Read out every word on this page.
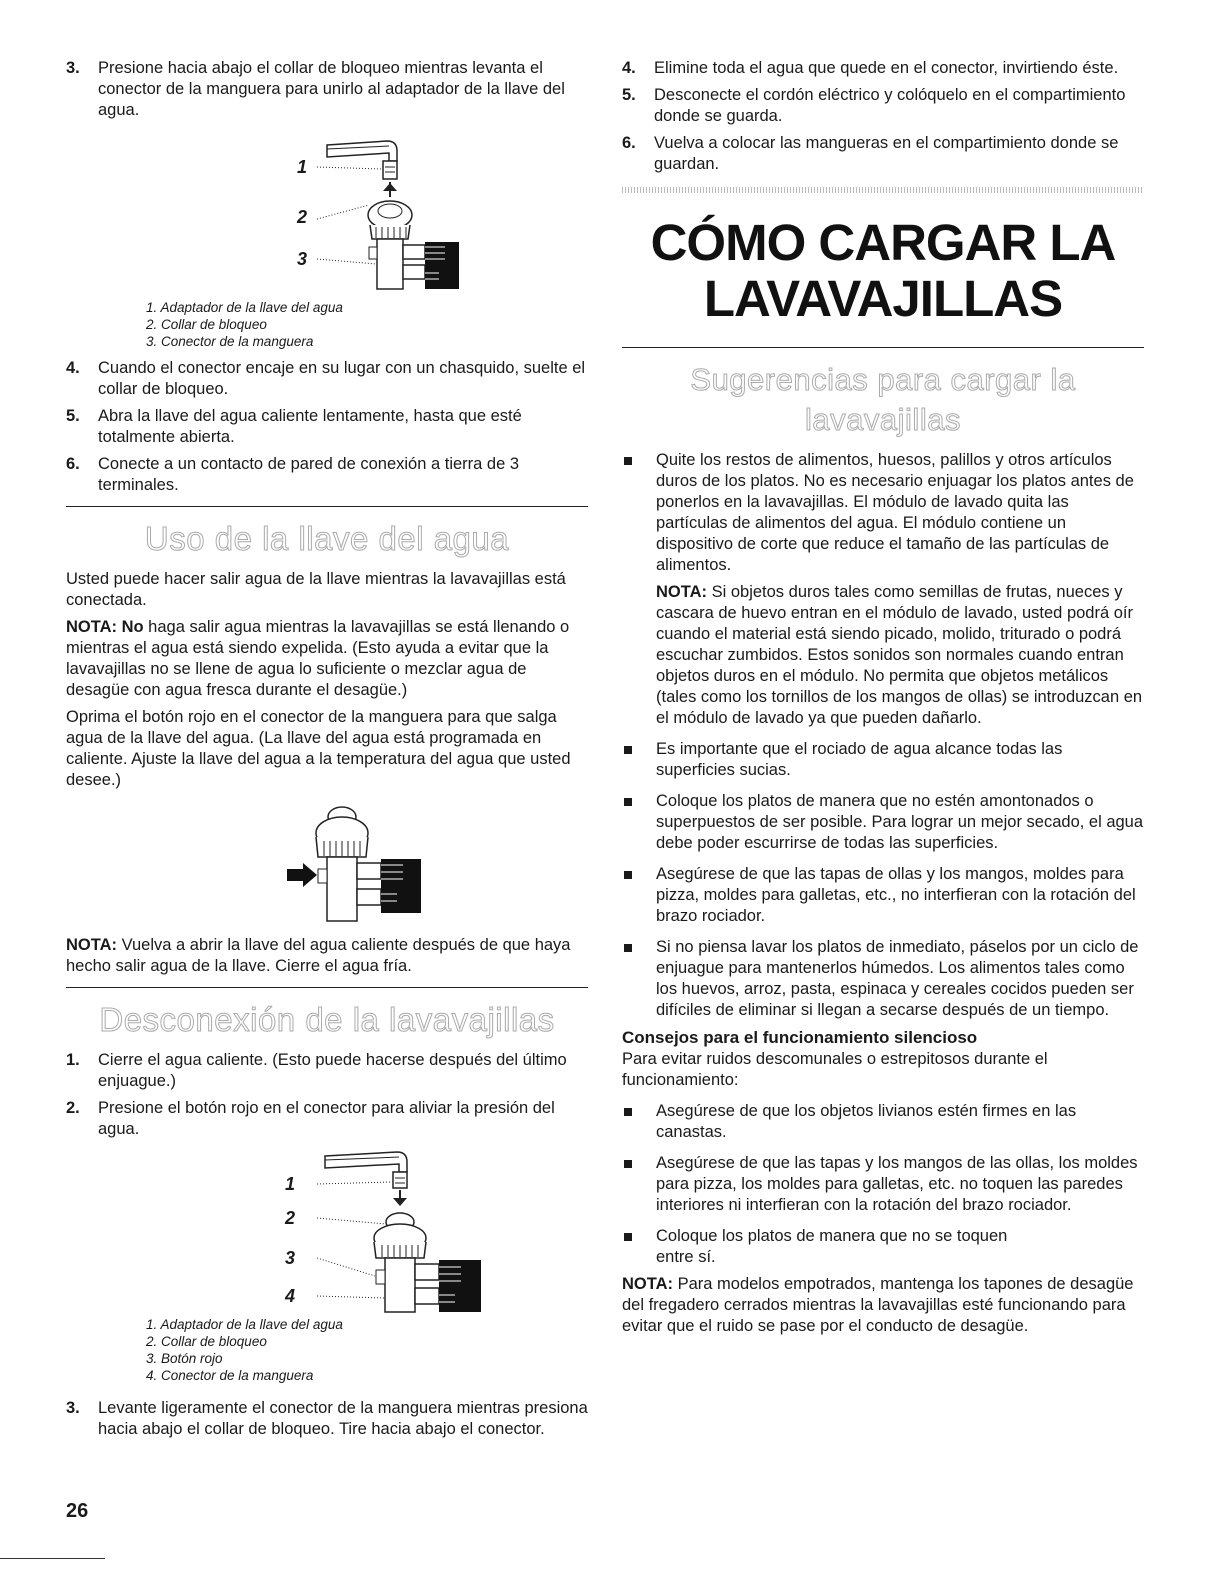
3. Presione hacia abajo el collar de bloqueo mientras levanta el conector de la manguera para unirlo al adaptador de la llave del agua.
1
2
3
1. Adaptador de la llave del agua
2. Collar de bloqueo
3. Conector de la manguera
4. Cuando el conector encaje en su lugar con un chasquido, suelte el collar de bloqueo.
5. Abra la llave del agua caliente lentamente, hasta que esté totalmente abierta.
6. Conecte a un contacto de pared de conexión a tierra de 3 terminales.
Uso de la llave del agua

Usted puede hacer salir agua de la llave mientras la lavavajillas está conectada.

NOTA: No haga salir agua mientras la lavavajillas se está llenando o mientras el agua está siendo expelida. (Esto ayuda a evitar que la lavavajillas no se llene de agua lo suficiente o mezclar agua de desagüe con agua fresca durante el desagüe.)

Oprima el botón rojo en el conector de la manguera para que salga agua de la llave del agua. (La llave del agua está programada en caliente. Ajuste la llave del agua a la temperatura del agua que usted desee.)

NOTA: Vuelva a abrir la llave del agua caliente después de que haya hecho salir agua de la llave. Cierre el agua fría.

Desconexión de la lavavajillas
1. Cierre el agua caliente. (Esto puede hacerse después del último enjuague.)
2. Presione el botón rojo en el conector para aliviar la presión del agua.
1
2
3
4
1. Adaptador de la llave del agua
2. Collar de bloqueo
3. Botón rojo
4. Conector de la manguera
3. Levante ligeramente el conector de la manguera mientras presiona hacia abajo el collar de bloqueo. Tire hacia abajo el conector.
4. Elimine toda el agua que quede en el conector, invirtiendo éste.
5. Desconecte el cordón eléctrico y colóquelo en el compartimiento donde se guarda.
6. Vuelva a colocar las mangueras en el compartimiento donde se guardan.
CÓMO CARGAR LA
LAVAVAJILLAS
Sugerencias para cargar la lavavajillas
Quite los restos de alimentos, huesos, palillos y otros artículos duros de los platos. No es necesario enjuagar los platos antes de ponerlos en la lavavajillas. El módulo de lavado quita las partículas de alimentos del agua. El módulo contiene un dispositivo de corte que reduce el tamaño de las partículas de alimentos.

NOTA: Si objetos duros tales como semillas de frutas, nueces y cascara de huevo entran en el módulo de lavado, usted podrá oír cuando el material está siendo picado, molido, triturado o podrá escuchar zumbidos. Estos sonidos son normales cuando entran objetos duros en el módulo. No permita que objetos metálicos (tales como los tornillos de los mangos de ollas) se introduzcan en el módulo de lavado ya que pueden dañarlo.

Es importante que el rociado de agua alcance todas las superficies sucias.
Coloque los platos de manera que no estén amontonados o superpuestos de ser posible. Para lograr un mejor secado, el agua debe poder escurrirse de todas las superficies.
Asegúrese de que las tapas de ollas y los mangos, moldes para pizza, moldes para galletas, etc., no interfieran con la rotación del brazo rociador.
Si no piensa lavar los platos de inmediato, páselos por un ciclo de enjuague para mantenerlos húmedos. Los alimentos tales como los huevos, arroz, pasta, espinaca y cereales cocidos pueden ser difíciles de eliminar si llegan a secarse después de un tiempo.
Consejos para el funcionamiento silencioso

Para evitar ruidos descomunales o estrepitosos durante el funcionamiento:

Asegúrese de que los objetos livianos estén firmes en las canastas.
Asegúrese de que las tapas y los mangos de las ollas, los moldes para pizza, los moldes para galletas, etc. no toquen las paredes interiores ni interfieran con la rotación del brazo rociador.
Coloque los platos de manera que no se toquen
entre sí.

NOTA: Para modelos empotrados, mantenga los tapones de desagüe del fregadero cerrados mientras la lavavajillas esté funcionando para evitar que el ruido se pase por el conducto de desagüe.

26
